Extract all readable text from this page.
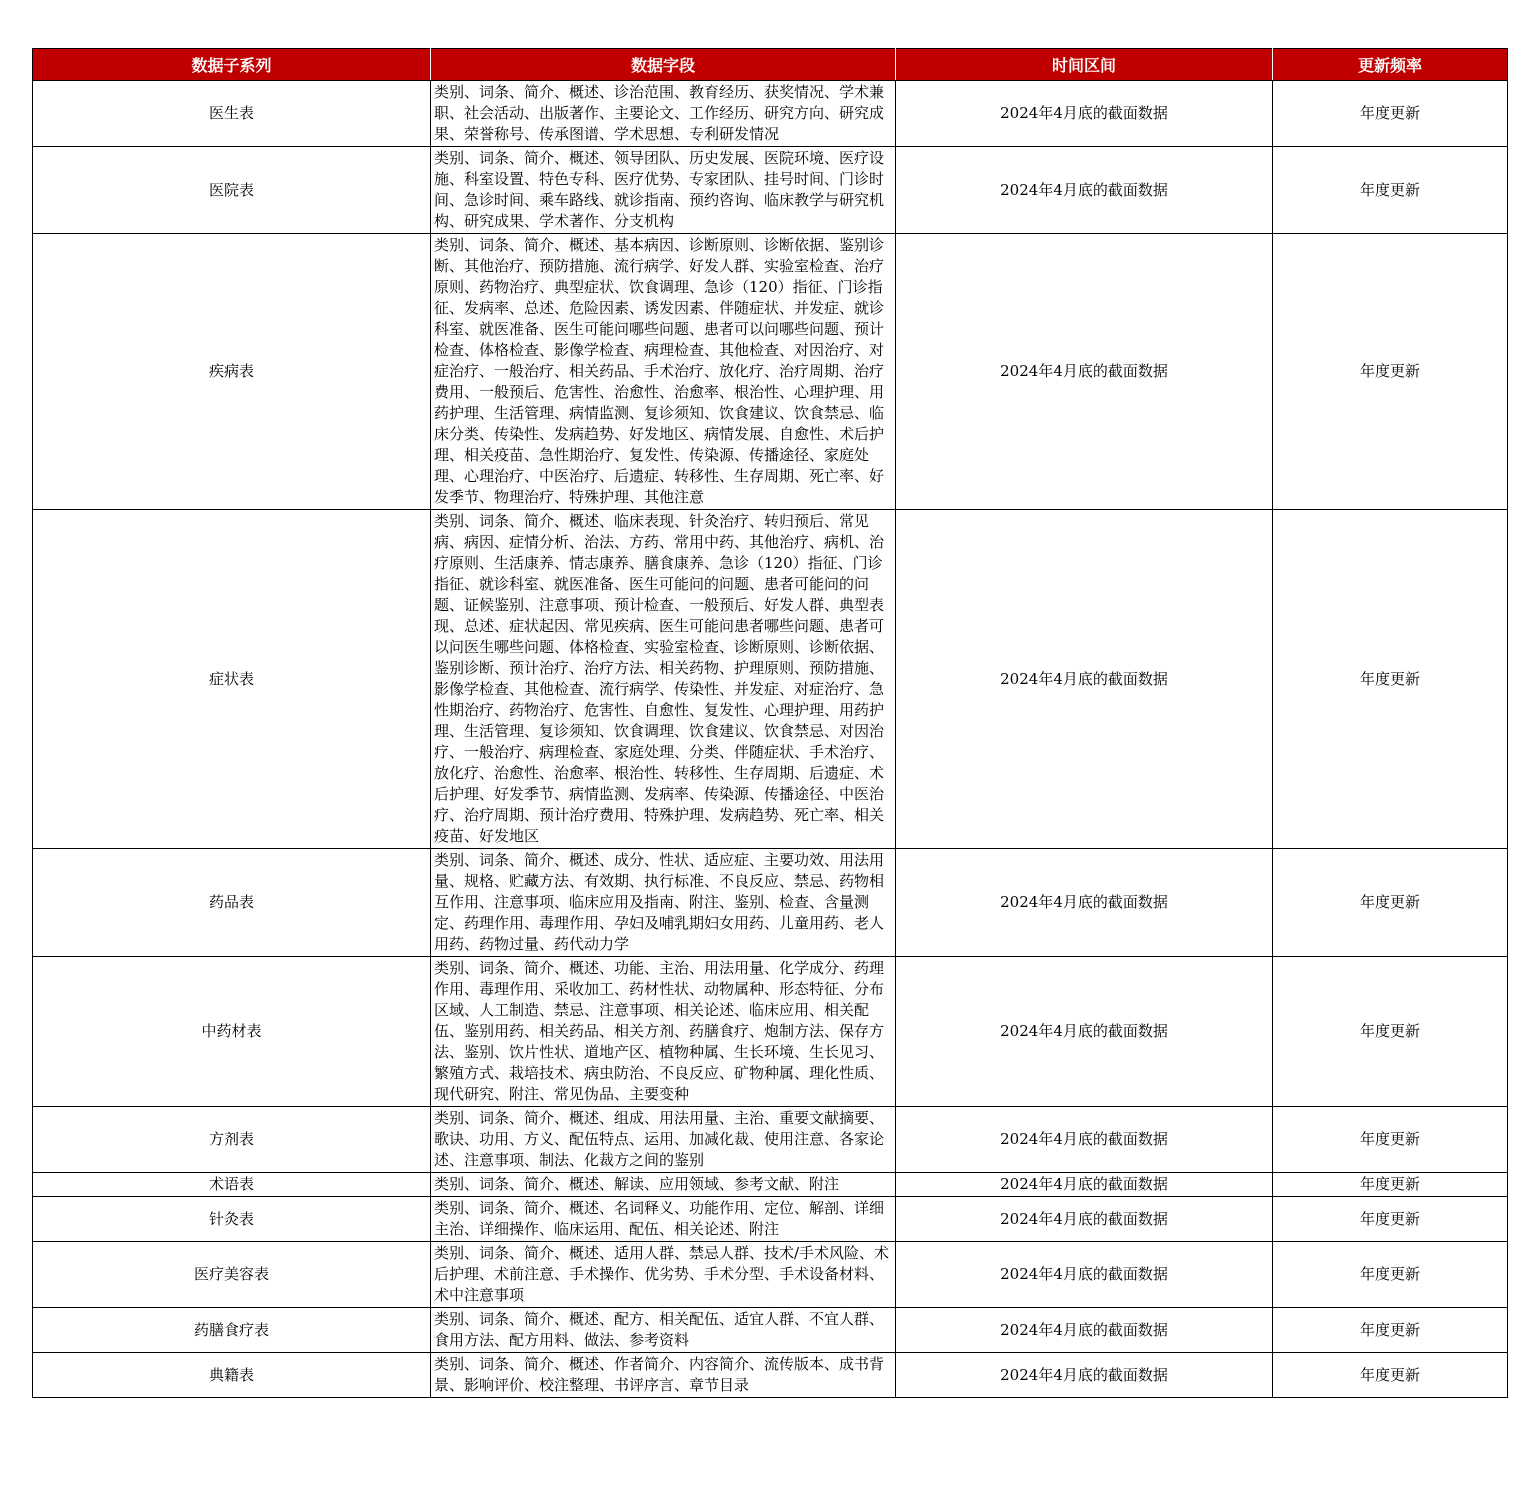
数据子系列	数据字段	时间区间	更新频率
医生表	类别、词条、简介、概述、诊治范围、教育经历、获奖情况、学术兼职、社会活动、出版著作、主要论文、工作经历、研究方向、研究成果、荣誉称号、传承图谱、学术思想、专利研发情况	2024年4月底的截面数据	年度更新
医院表	类别、词条、简介、概述、领导团队、历史发展、医院环境、医疗设施、科室设置、特色专科、医疗优势、专家团队、挂号时间、门诊时间、急诊时间、乘车路线、就诊指南、预约咨询、临床教学与研究机构、研究成果、学术著作、分支机构	2024年4月底的截面数据	年度更新
疾病表	类别、词条、简介、概述、基本病因、诊断原则、诊断依据、鉴别诊断、其他治疗、预防措施、流行病学、好发人群、实验室检查、治疗原则、药物治疗、典型症状、饮食调理、急诊（120）指征、门诊指征、发病率、总述、危险因素、诱发因素、伴随症状、并发症、就诊科室、就医准备、医生可能问哪些问题、患者可以问哪些问题、预计检查、体格检查、影像学检查、病理检查、其他检查、对因治疗、对症治疗、一般治疗、相关药品、手术治疗、放化疗、治疗周期、治疗费用、一般预后、危害性、治愈性、治愈率、根治性、心理护理、用药护理、生活管理、病情监测、复诊须知、饮食建议、饮食禁忌、临床分类、传染性、发病趋势、好发地区、病情发展、自愈性、术后护理、相关疫苗、急性期治疗、复发性、传染源、传播途径、家庭处理、心理治疗、中医治疗、后遗症、转移性、生存周期、死亡率、好发季节、物理治疗、特殊护理、其他注意	2024年4月底的截面数据	年度更新
症状表	类别、词条、简介、概述、临床表现、针灸治疗、转归预后、常见病、病因、症情分析、治法、方药、常用中药、其他治疗、病机、治疗原则、生活康养、情志康养、膳食康养、急诊（120）指征、门诊指征、就诊科室、就医准备、医生可能问的问题、患者可能问的问题、证候鉴别、注意事项、预计检查、一般预后、好发人群、典型表现、总述、症状起因、常见疾病、医生可能问患者哪些问题、患者可以问医生哪些问题、体格检查、实验室检查、诊断原则、诊断依据、鉴别诊断、预计治疗、治疗方法、相关药物、护理原则、预防措施、影像学检查、其他检查、流行病学、传染性、并发症、对症治疗、急性期治疗、药物治疗、危害性、自愈性、复发性、心理护理、用药护理、生活管理、复诊须知、饮食调理、饮食建议、饮食禁忌、对因治疗、一般治疗、病理检查、家庭处理、分类、伴随症状、手术治疗、放化疗、治愈性、治愈率、根治性、转移性、生存周期、后遗症、术后护理、好发季节、病情监测、发病率、传染源、传播途径、中医治疗、治疗周期、预计治疗费用、特殊护理、发病趋势、死亡率、相关疫苗、好发地区	2024年4月底的截面数据	年度更新
药品表	类别、词条、简介、概述、成分、性状、适应症、主要功效、用法用量、规格、贮藏方法、有效期、执行标准、不良反应、禁忌、药物相互作用、注意事项、临床应用及指南、附注、鉴别、检查、含量测定、药理作用、毒理作用、孕妇及哺乳期妇女用药、儿童用药、老人用药、药物过量、药代动力学	2024年4月底的截面数据	年度更新
中药材表	类别、词条、简介、概述、功能、主治、用法用量、化学成分、药理作用、毒理作用、采收加工、药材性状、动物属种、形态特征、分布区域、人工制造、禁忌、注意事项、相关论述、临床应用、相关配伍、鉴别用药、相关药品、相关方剂、药膳食疗、炮制方法、保存方法、鉴别、饮片性状、道地产区、植物种属、生长环境、生长见习、繁殖方式、栽培技术、病虫防治、不良反应、矿物种属、理化性质、现代研究、附注、常见伪品、主要变种	2024年4月底的截面数据	年度更新
方剂表	类别、词条、简介、概述、组成、用法用量、主治、重要文献摘要、歌诀、功用、方义、配伍特点、运用、加减化裁、使用注意、各家论述、注意事项、制法、化裁方之间的鉴别	2024年4月底的截面数据	年度更新
术语表	类别、词条、简介、概述、解读、应用领域、参考文献、附注	2024年4月底的截面数据	年度更新
针灸表	类别、词条、简介、概述、名词释义、功能作用、定位、解剖、详细主治、详细操作、临床运用、配伍、相关论述、附注	2024年4月底的截面数据	年度更新
医疗美容表	类别、词条、简介、概述、适用人群、禁忌人群、技术/手术风险、术后护理、术前注意、手术操作、优劣势、手术分型、手术设备材料、术中注意事项	2024年4月底的截面数据	年度更新
药膳食疗表	类别、词条、简介、概述、配方、相关配伍、适宜人群、不宜人群、食用方法、配方用料、做法、参考资料	2024年4月底的截面数据	年度更新
典籍表	类别、词条、简介、概述、作者简介、内容简介、流传版本、成书背景、影响评价、校注整理、书评序言、章节目录	2024年4月底的截面数据	年度更新
